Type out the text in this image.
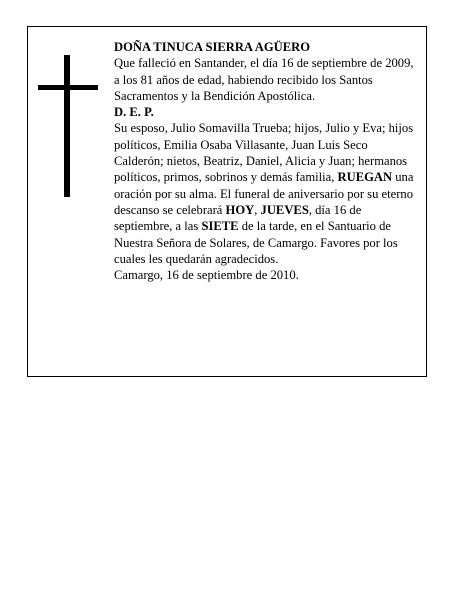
DOÑA TINUCA SIERRA AGÜERO

Que falleció en Santander, el día 16 de septiembre de 2009,

a los 81 años de edad, habiendo recibido los Santos Sacramentos y la Bendición Apostólica.

D. E. P.

Su esposo, Julio Somavilla Trueba; hijos, Julio y Eva; hijos políticos, Emilia Osaba Villasante, Juan Luis Seco Calderón; nietos, Beatriz, Daniel, Alicia y Juan; hermanos políticos, primos, sobrinos y demás familia, RUEGAN una oración por su alma. El funeral de aniversario por su eterno descanso se celebrará HOY, JUEVES, día 16 de septiembre, a las SIETE de la tarde, en el Santuario de Nuestra Señora de Solares, de Camargo. Favores por los cuales les quedarán agradecidos.

Camargo, 16 de septiembre de 2010.
